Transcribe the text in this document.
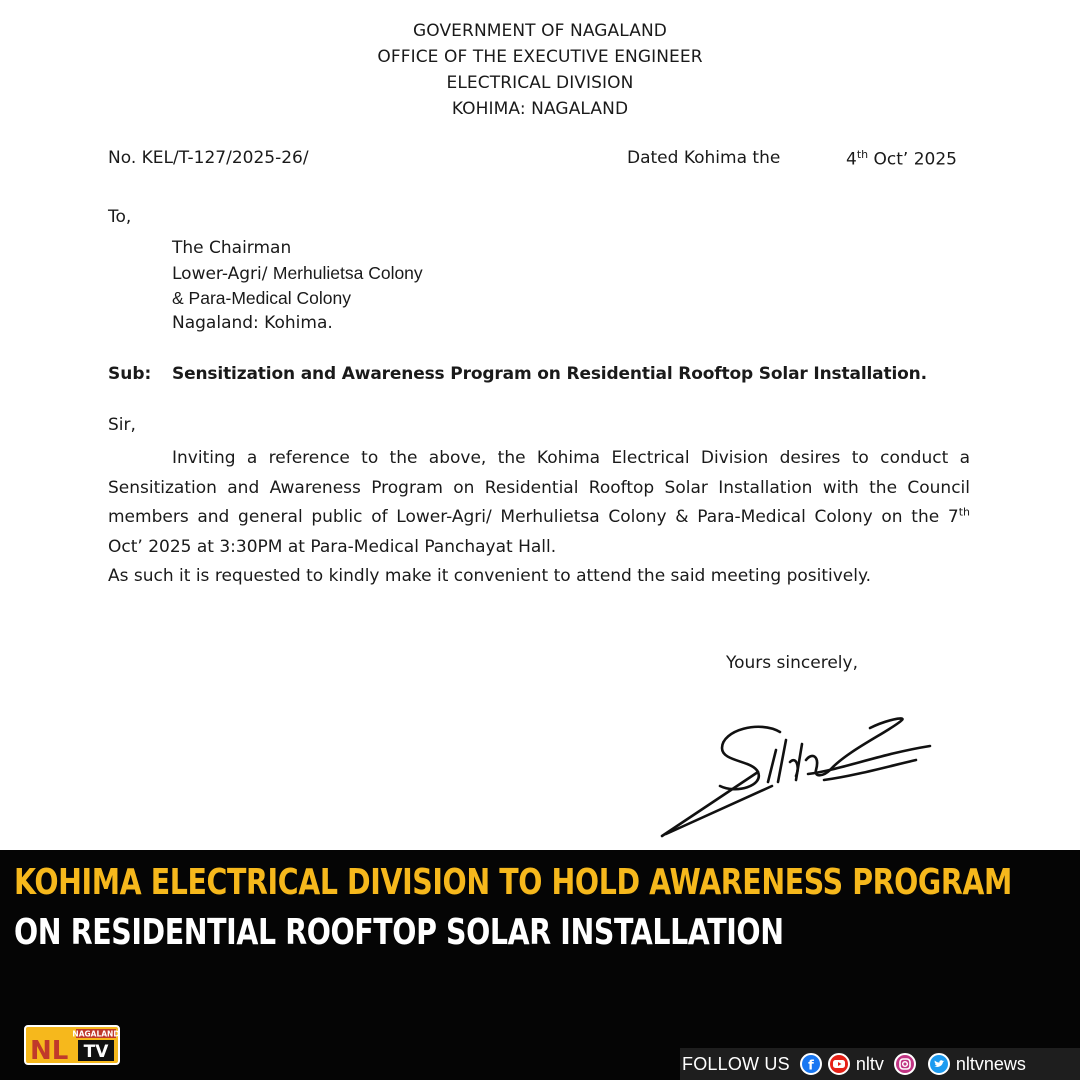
GOVERNMENT OF NAGALAND
OFFICE OF THE EXECUTIVE ENGINEER
ELECTRICAL DIVISION
KOHIMA: NAGALAND
No. KEL/T-127/2025-26/	Dated Kohima the	4th Oct’ 2025
To,
The Chairman
Lower-Agri/ Merhulietsa Colony
& Para-Medical Colony
Nagaland: Kohima.
Sub: Sensitization and Awareness Program on Residential Rooftop Solar Installation.
Sir,
Inviting a reference to the above, the Kohima Electrical Division desires to conduct a
Sensitization and Awareness Program on Residential Rooftop Solar Installation with the Council
members and general public of Lower-Agri/ Merhulietsa Colony & Para-Medical Colony on the 7th
Oct’ 2025 at 3:30PM at Para-Medical Panchayat Hall.
As such it is requested to kindly make it convenient to attend the said meeting positively.
Yours sincerely,
KOHIMA ELECTRICAL DIVISION TO HOLD AWARENESS PROGRAM
ON RESIDENTIAL ROOFTOP SOLAR INSTALLATION
NAGALAND
NL TV
FOLLOW US f nltv	nltvnews
